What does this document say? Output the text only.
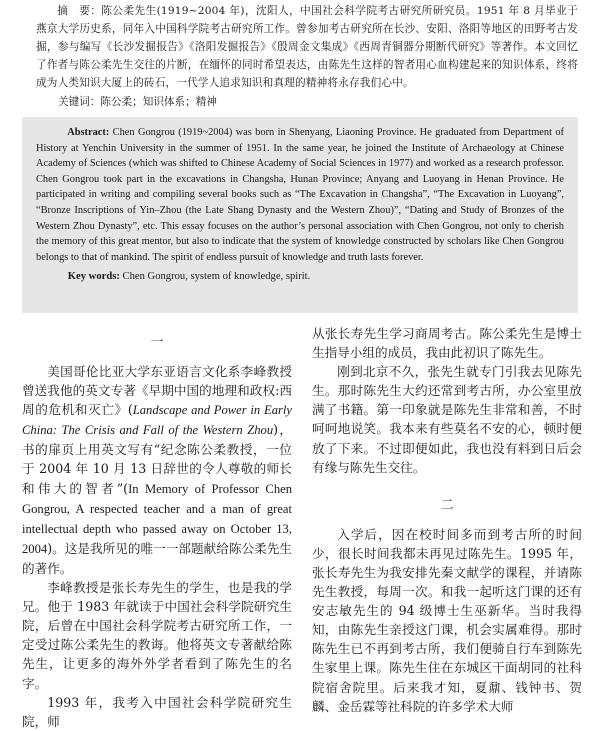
摘　要：陈公柔先生(1919~2004 年)，沈阳人，中国社会科学院考古研究所研究员。1951 年 8 月毕业于燕京大学历史系，同年入中国科学院考古研究所工作。曾参加考古研究所在长沙、安阳、洛阳等地区的田野考古发掘，参与编写《长沙发掘报告》《洛阳发掘报告》《殷周金文集成》《西周青铜器分期断代研究》等著作。本文回忆了作者与陈公柔先生交往的片断，在缅怀的同时希望表达，由陈先生这样的智者用心血构建起来的知识体系，终将成为人类知识大厦上的砖石，一代学人追求知识和真理的精神将永存我们心中。
关键词：陈公柔；知识体系；精神

Abstract: Chen Gongrou (1919~2004) was born in Shenyang, Liaoning Province. He graduated from Department of History at Yenchin University in the summer of 1951. In the same year, he joined the Institute of Archaeology at Chinese Academy of Sciences (which was shifted to Chinese Academy of Social Sciences in 1977) and worked as a research professor. Chen Gongrou took part in the excavations in Changsha, Hunan Province; Anyang and Luoyang in Henan Province. He participated in writing and compiling several books such as “The Excavation in Changsha”, “The Excavation in Luoyang”, “Bronze Inscriptions of Yin–Zhou (the Late Shang Dynasty and the Western Zhou)”, “Dating and Study of Bronzes of the Western Zhou Dynasty”, etc. This essay focuses on the author’s personal association with Chen Gongrou, not only to cherish the memory of this great mentor, but also to indicate that the system of knowledge constructed by scholars like Chen Gongrou belongs to that of mankind. The spirit of endless pursuit of knowledge and truth lasts forever.

Key words: Chen Gongrou, system of knowledge, spirit.

一

美国哥伦比亚大学东亚语言文化系李峰教授曾送我他的英文专著《早期中国的地理和政权:西周的危机和灭亡》(Landscape and Power in Early China: The Crisis and Fall of the Western Zhou)，书的扉页上用英文写有“纪念陈公柔教授，一位于 2004 年 10 月 13 日辞世的令人尊敬的师长和伟大的智者”(In Memory of Professor Chen Gongrou, A respected teacher and a man of great intellectual depth who passed away on October 13, 2004)。这是我所见的唯一一部题献给陈公柔先生的著作。

李峰教授是张长寿先生的学生，也是我的学兄。他于 1983 年就读于中国社会科学院研究生院，后曾在中国社会科学院考古研究所工作，一定受过陈公柔先生的教诲。他将英文专著献给陈先生，让更多的海外外学者看到了陈先生的名字。

1993 年，我考入中国社会科学院研究生院，师

从张长寿先生学习商周考古。陈公柔先生是博士生指导小组的成员，我由此初识了陈先生。

刚到北京不久，张先生就专门引我去见陈先生。那时陈先生大约还常到考古所，办公室里放满了书籍。第一印象就是陈先生非常和善，不时呵呵地说笑。我本来有些莫名不安的心，顿时便放了下来。不过即便如此，我也没有料到日后会有缘与陈先生交往。

二

入学后，因在校时间多而到考古所的时间少，很长时间我都未再见过陈先生。1995 年，张长寿先生为我安排先秦文献学的课程，并请陈先生教授，每周一次。和我一起听这门课的还有安志敏先生的 94 级博士生巫新华。当时我得知，由陈先生亲授这门课，机会实属难得。那时陈先生已不再到考古所，我们便骑自行车到陈先生家里上课。陈先生住在东城区干面胡同的社科院宿舍院里。后来我才知，夏鼐、钱钟书、贺麟、金岳霖等社科院的许多学术大师
